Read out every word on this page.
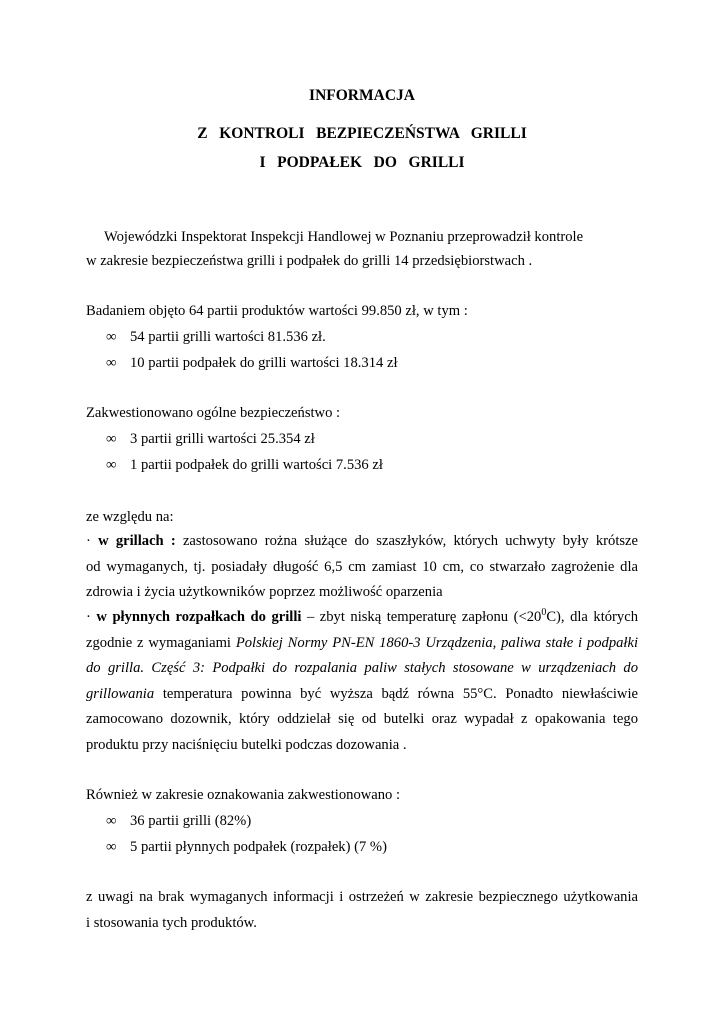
INFORMACJA
Z   KONTROLI   BEZPIECZEŃSTWA   GRILLI
I   PODPAŁEK   DO   GRILLI
Wojewódzki Inspektorat Inspekcji Handlowej w Poznaniu przeprowadził kontrole
w zakresie bezpieczeństwa grilli i podpałek do grilli 14 przedsiębiorstwach .
Badaniem objęto 64 partii produktów wartości 99.850 zł, w tym :
∞ 54 partii grilli wartości 81.536 zł.
∞ 10 partii podpałek do grilli wartości 18.314 zł
Zakwestionowano ogólne bezpieczeństwo :
∞ 3 partii grilli wartości 25.354 zł
∞ 1 partii podpałek do grilli wartości 7.536 zł
ze względu na:
· w grillach : zastosowano rożna służące do szaszłyków, których uchwyty były krótsze
od wymaganych, tj. posiadały długość 6,5 cm zamiast 10 cm, co stwarzało zagrożenie dla
zdrowia i życia użytkowników poprzez możliwość oparzenia
· w płynnych rozpałkach do grilli – zbyt niską temperaturę zapłonu $(<20^0C)$, dla których
zgodnie z wymaganiami Polskiej Normy PN-EN 1860-3 Urządzenia, paliwa stałe i podpałki
do grilla. Część 3: Podpałki do rozpalania paliw stałych stosowane w urządzeniach do
grillowania temperatura powinna być wyższa bądź równa 55°C. Ponadto niewłaściwie
zamocowano dozownik, który oddzielał się od butelki oraz wypadał z opakowania tego
produktu przy naciśnięciu butelki podczas dozowania .
Również w zakresie oznakowania zakwestionowano :
∞ 36 partii grilli (82%)
∞ 5 partii płynnych podpałek (rozpałek) (7 %)
z uwagi na brak wymaganych informacji i ostrzeżeń w zakresie bezpiecznego użytkowania
i stosowania tych produktów.
